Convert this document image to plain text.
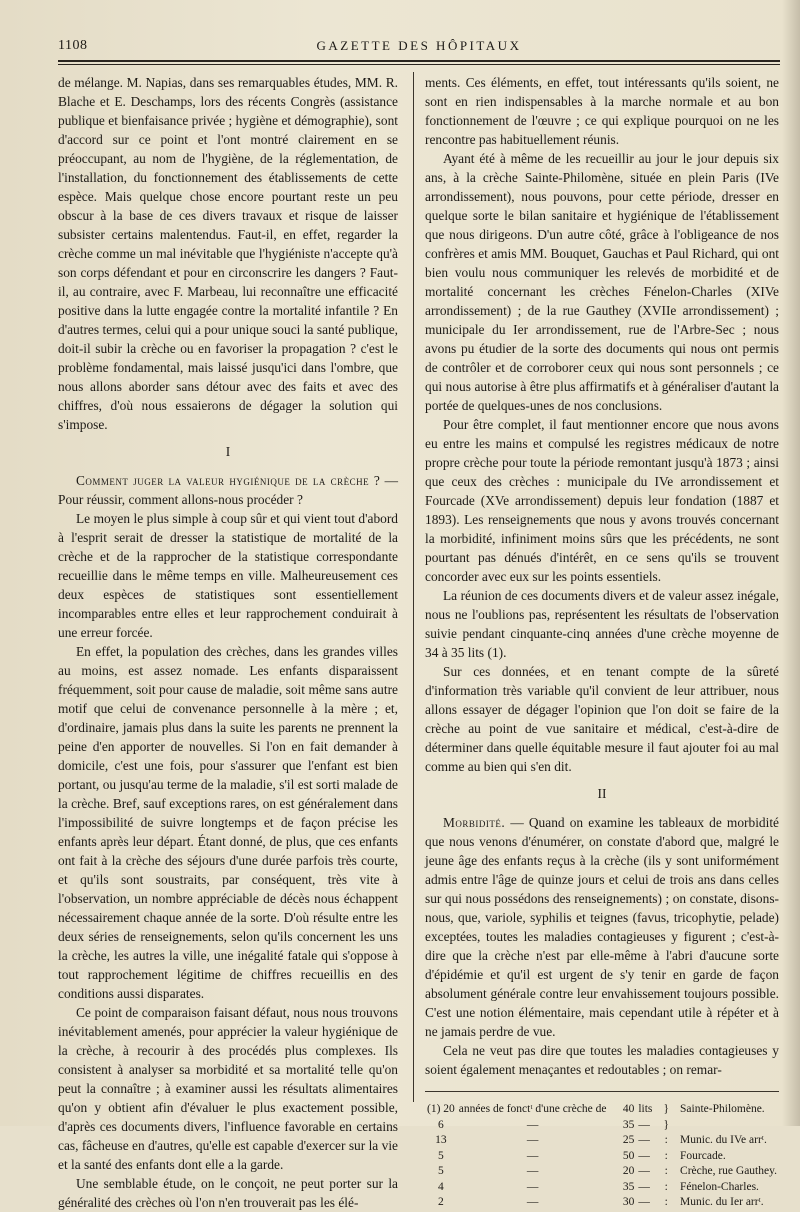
1108	GAZETTE DES HÔPITAUX

de mélange. M. Napias, dans ses remarquables études, MM. R. Blache et E. Deschamps, lors des récents Congrès (assistance publique et bienfaisance privée ; hygiène et démographie), sont d'accord sur ce point et l'ont montré clairement en se préoccupant, au nom de l'hygiène, de la réglementation, de l'installation, du fonctionnement des établissements de cette espèce. Mais quelque chose encore pourtant reste un peu obscur à la base de ces divers travaux et risque de laisser subsister certains malentendus. Faut-il, en effet, regarder la crèche comme un mal inévitable que l'hygiéniste n'accepte qu'à son corps défendant et pour en circonscrire les dangers ? Faut-il, au contraire, avec F. Marbeau, lui reconnaître une efficacité positive dans la lutte engagée contre la mortalité infantile ? En d'autres termes, celui qui a pour unique souci la santé publique, doit-il subir la crèche ou en favoriser la propagation ? c'est le problème fondamental, mais laissé jusqu'ici dans l'ombre, que nous allons aborder sans détour avec des faits et avec des chiffres, d'où nous essaierons de dégager la solution qui s'impose.

I

Comment juger la valeur hygiénique de la crèche ? — Pour réussir, comment allons-nous procéder ?

Le moyen le plus simple à coup sûr et qui vient tout d'abord à l'esprit serait de dresser la statistique de mortalité de la crèche et de la rapprocher de la statistique correspondante recueillie dans le même temps en ville. Malheureusement ces deux espèces de statistiques sont essentiellement incomparables entre elles et leur rapprochement conduirait à une erreur forcée.

En effet, la population des crèches, dans les grandes villes au moins, est assez nomade. Les enfants disparaissent fréquemment, soit pour cause de maladie, soit même sans autre motif que celui de convenance personnelle à la mère ; et, d'ordinaire, jamais plus dans la suite les parents ne prennent la peine d'en apporter de nouvelles. Si l'on en fait demander à domicile, c'est une fois, pour s'assurer que l'enfant est bien portant, ou jusqu'au terme de la maladie, s'il est sorti malade de la crèche. Bref, sauf exceptions rares, on est généralement dans l'impossibilité de suivre longtemps et de façon précise les enfants après leur départ. Étant donné, de plus, que ces enfants ont fait à la crèche des séjours d'une durée parfois très courte, et qu'ils sont soustraits, par conséquent, très vite à l'observation, un nombre appréciable de décès nous échappent nécessairement chaque année de la sorte. D'où résulte entre les deux séries de renseignements, selon qu'ils concernent les uns la crèche, les autres la ville, une inégalité fatale qui s'oppose à tout rapprochement légitime de chiffres recueillis en des conditions aussi disparates.

Ce point de comparaison faisant défaut, nous nous trouvons inévitablement amenés, pour apprécier la valeur hygiénique de la crèche, à recourir à des procédés plus complexes. Ils consistent à analyser sa morbidité et sa mortalité telle qu'on peut la connaître ; à examiner aussi les résultats alimentaires qu'on y obtient afin d'évaluer le plus exactement possible, d'après ces documents divers, l'influence favorable en certains cas, fâcheuse en d'autres, qu'elle est capable d'exercer sur la vie et la santé des enfants dont elle a la garde.

Une semblable étude, on le conçoit, ne peut porter sur la généralité des crèches où l'on n'en trouverait pas les élé-

ments. Ces éléments, en effet, tout intéressants qu'ils soient, ne sont en rien indispensables à la marche normale et au bon fonctionnement de l'œuvre ; ce qui explique pourquoi on ne les rencontre pas habituellement réunis.

Ayant été à même de les recueillir au jour le jour depuis six ans, à la crèche Sainte-Philomène, située en plein Paris (IVe arrondissement), nous pouvons, pour cette période, dresser en quelque sorte le bilan sanitaire et hygiénique de l'établissement que nous dirigeons. D'un autre côté, grâce à l'obligeance de nos confrères et amis MM. Bouquet, Gauchas et Paul Richard, qui ont bien voulu nous communiquer les relevés de morbidité et de mortalité concernant les crèches Fénelon-Charles (XIVe arrondissement) ; de la rue Gauthey (XVIIe arrondissement) ; municipale du Ier arrondissement, rue de l'Arbre-Sec ; nous avons pu étudier de la sorte des documents qui nous ont permis de contrôler et de corroborer ceux qui nous sont personnels ; ce qui nous autorise à être plus affirmatifs et à généraliser d'autant la portée de quelques-unes de nos conclusions.

Pour être complet, il faut mentionner encore que nous avons eu entre les mains et compulsé les registres médicaux de notre propre crèche pour toute la période remontant jusqu'à 1873 ; ainsi que ceux des crèches : municipale du IVe arrondissement et Fourcade (XVe arrondissement) depuis leur fondation (1887 et 1893). Les renseignements que nous y avons trouvés concernant la morbidité, infiniment moins sûrs que les précédents, ne sont pourtant pas dénués d'intérêt, en ce sens qu'ils se trouvent concorder avec eux sur les points essentiels.

La réunion de ces documents divers et de valeur assez inégale, nous ne l'oublions pas, représentent les résultats de l'observation suivie pendant cinquante-cinq années d'une crèche moyenne de 34 à 35 lits (1).

Sur ces données, et en tenant compte de la sûreté d'information très variable qu'il convient de leur attribuer, nous allons essayer de dégager l'opinion que l'on doit se faire de la crèche au point de vue sanitaire et médical, c'est-à-dire de déterminer dans quelle équitable mesure il faut ajouter foi au mal comme au bien qui s'en dit.

II

Morbidité. — Quand on examine les tableaux de morbidité que nous venons d'énumérer, on constate d'abord que, malgré le jeune âge des enfants reçus à la crèche (ils y sont uniformément admis entre l'âge de quinze jours et celui de trois ans dans celles sur qui nous possédons des renseignements) ; on constate, disons-nous, que, variole, syphilis et teignes (favus, tricophytie, pelade) exceptées, toutes les maladies contagieuses y figurent ; c'est-à-dire que la crèche n'est par elle-même à l'abri d'aucune sorte d'épidémie et qu'il est urgent de s'y tenir en garde de façon absolument générale contre leur envahissement toujours possible. C'est une notion élémentaire, mais cependant utile à répéter et à ne jamais perdre de vue.

Cela ne veut pas dire que toutes les maladies contagieuses y soient également menaçantes et redoutables ; on remar-

(1) 20	années de fonctᵗ d'une crèche de	40	lits	}	Sainte-Philomène.
6	—	35	—	}	
13	—	25	—	:	Munic. du IVe arrᵗ.
5	—	50	—	:	Fourcade.
5	—	20	—	:	Crèche, rue Gauthey.
4	—	35	—	:	Fénelon-Charles.
2	—	30	—	:	Munic. du Ier arrᵗ.
